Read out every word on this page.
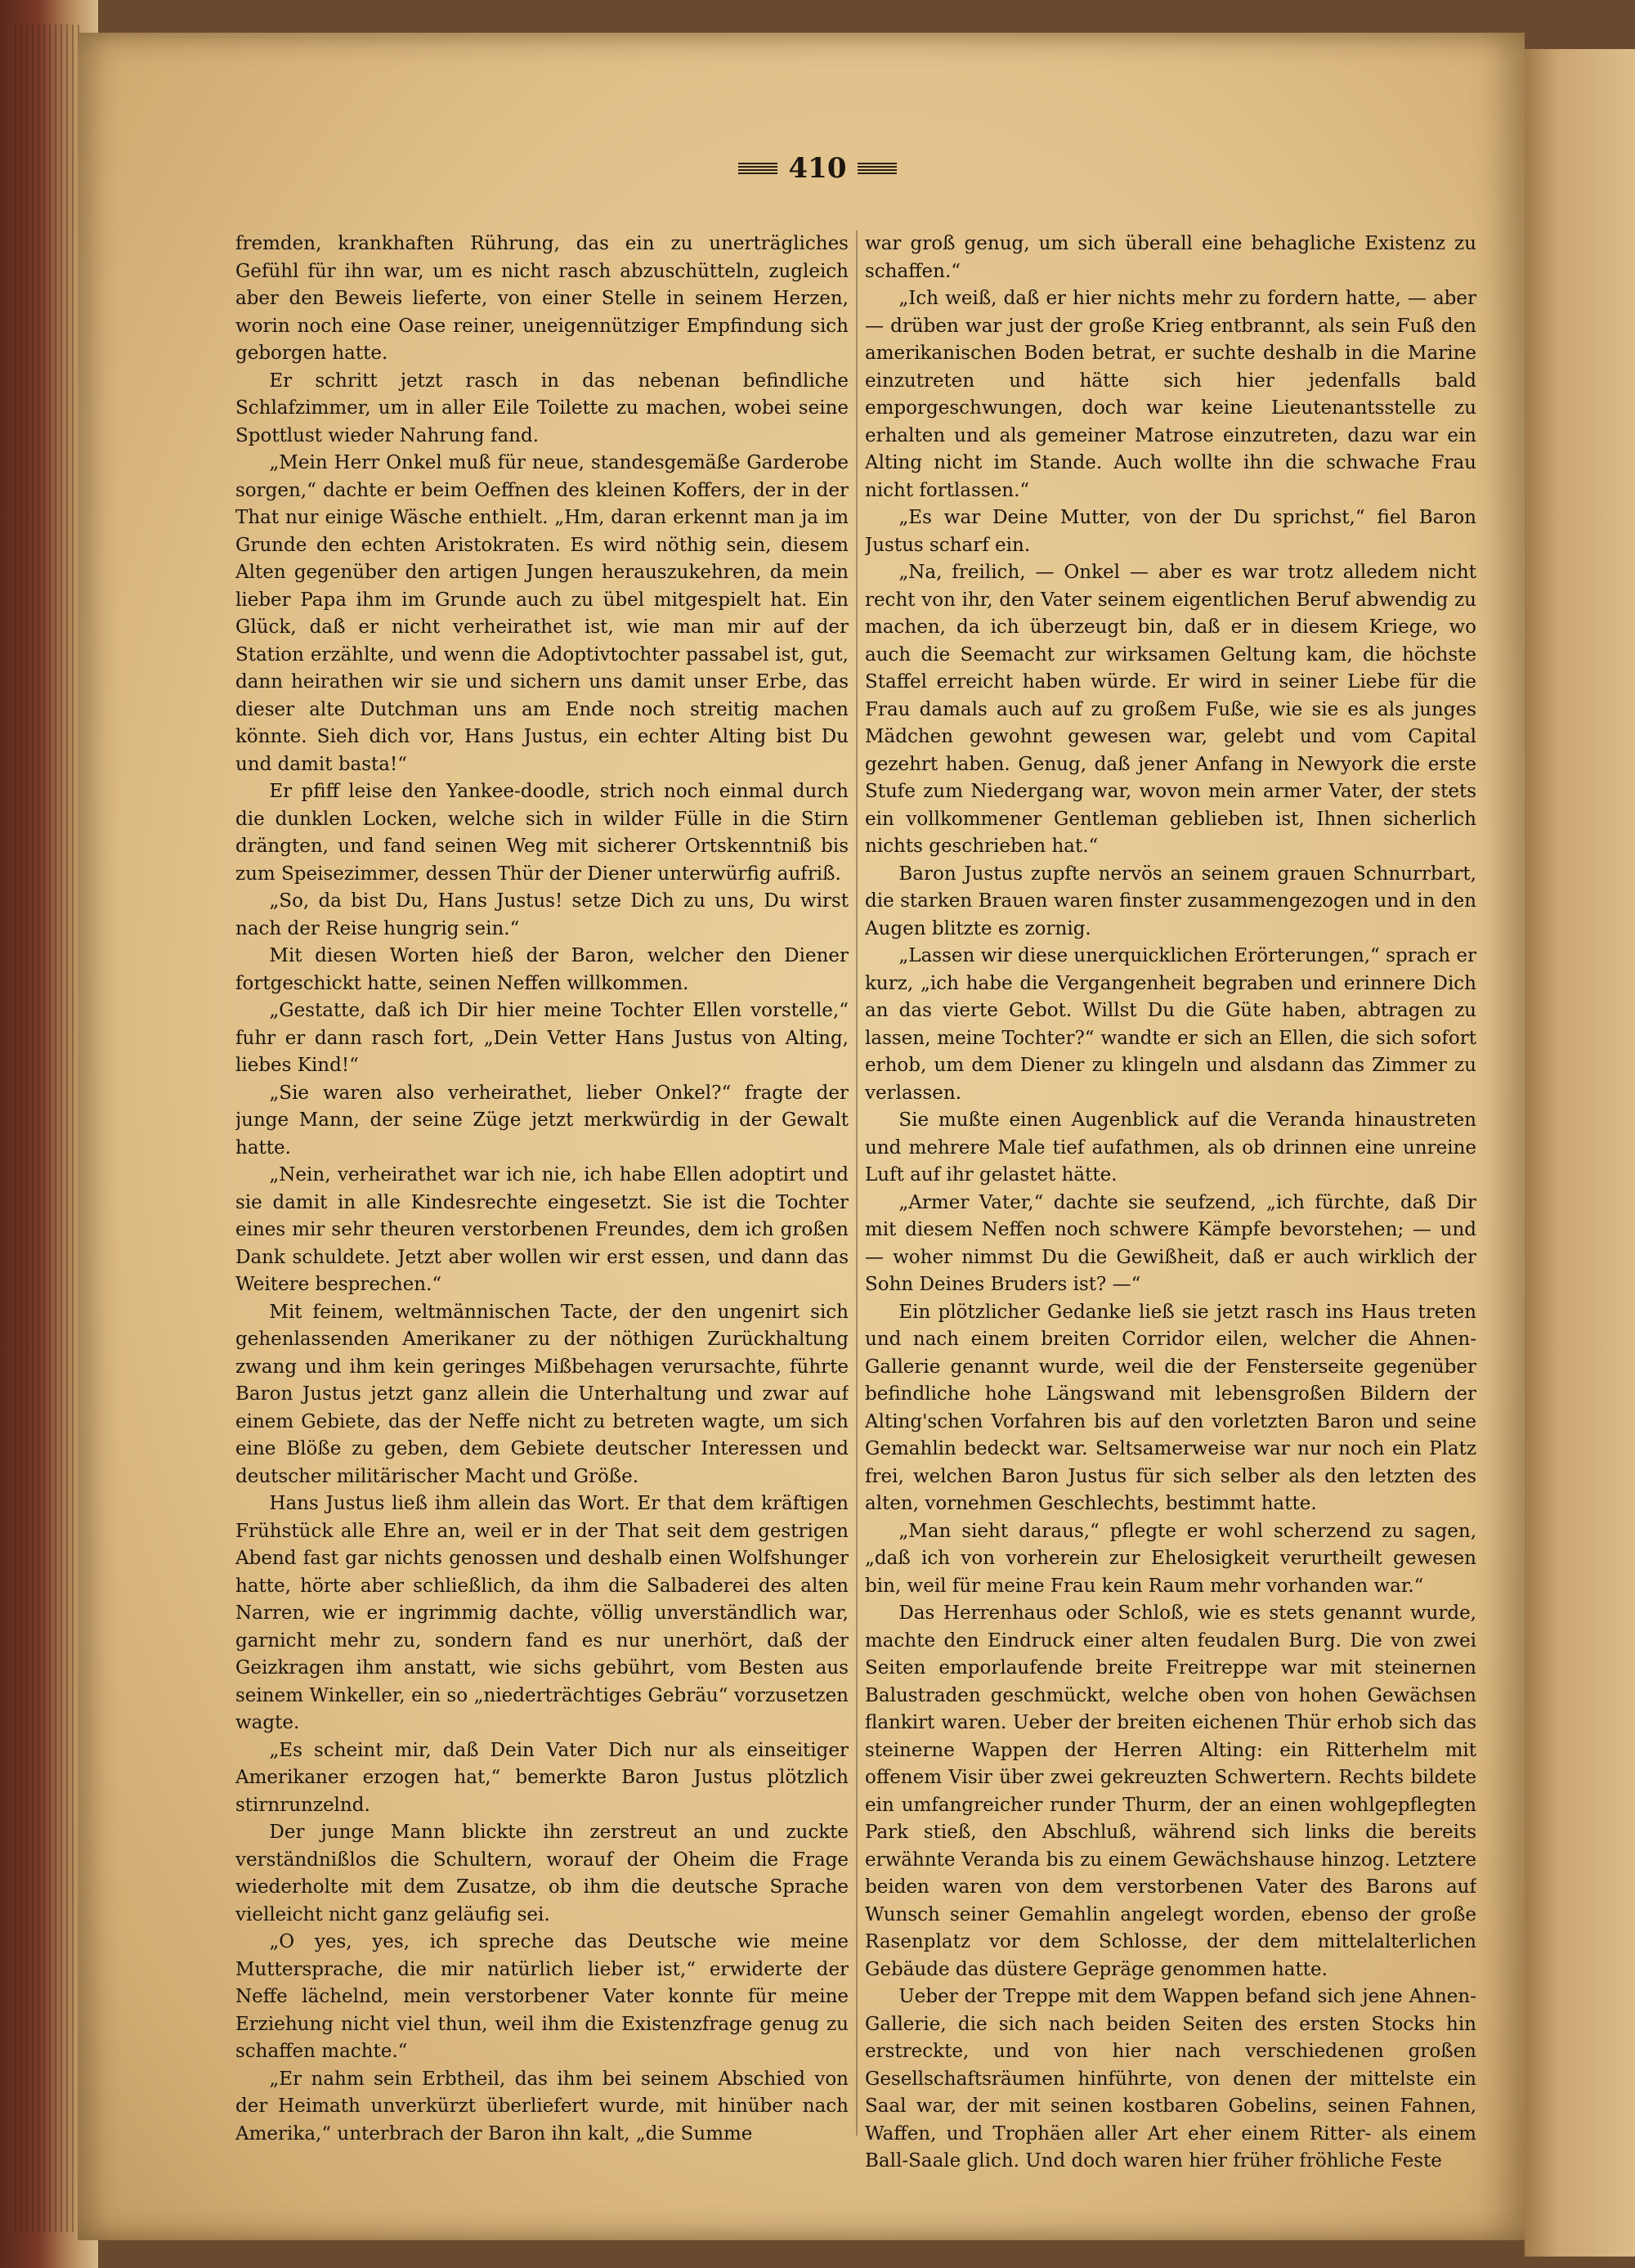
410

fremden, krankhaften Rührung, das ein zu unerträgliches Gefühl für ihn war, um es nicht rasch abzuschütteln, zugleich aber den Beweis lieferte, von einer Stelle in seinem Herzen, worin noch eine Oase reiner, uneigennütziger Empfindung sich geborgen hatte.

Er schritt jetzt rasch in das nebenan befindliche Schlafzimmer, um in aller Eile Toilette zu machen, wobei seine Spottlust wieder Nahrung fand.

„Mein Herr Onkel muß für neue, standesgemäße Garderobe sorgen,“ dachte er beim Oeffnen des kleinen Koffers, der in der That nur einige Wäsche enthielt. „Hm, daran erkennt man ja im Grunde den echten Aristokraten. Es wird nöthig sein, diesem Alten gegenüber den artigen Jungen herauszukehren, da mein lieber Papa ihm im Grunde auch zu übel mitgespielt hat. Ein Glück, daß er nicht verheirathet ist, wie man mir auf der Station erzählte, und wenn die Adoptivtochter passabel ist, gut, dann heirathen wir sie und sichern uns damit unser Erbe, das dieser alte Dutchman uns am Ende noch streitig machen könnte. Sieh dich vor, Hans Justus, ein echter Alting bist Du und damit basta!“

Er pfiff leise den Yankee-doodle, strich noch einmal durch die dunklen Locken, welche sich in wilder Fülle in die Stirn drängten, und fand seinen Weg mit sicherer Ortskenntniß bis zum Speisezimmer, dessen Thür der Diener unterwürfig aufriß.

„So, da bist Du, Hans Justus! setze Dich zu uns, Du wirst nach der Reise hungrig sein.“

Mit diesen Worten hieß der Baron, welcher den Diener fortgeschickt hatte, seinen Neffen willkommen.

„Gestatte, daß ich Dir hier meine Tochter Ellen vorstelle,“ fuhr er dann rasch fort, „Dein Vetter Hans Justus von Alting, liebes Kind!“

„Sie waren also verheirathet, lieber Onkel?“ fragte der junge Mann, der seine Züge jetzt merkwürdig in der Gewalt hatte.

„Nein, verheirathet war ich nie, ich habe Ellen adoptirt und sie damit in alle Kindesrechte eingesetzt. Sie ist die Tochter eines mir sehr theuren verstorbenen Freundes, dem ich großen Dank schuldete. Jetzt aber wollen wir erst essen, und dann das Weitere besprechen.“

Mit feinem, weltmännischen Tacte, der den ungenirt sich gehenlassenden Amerikaner zu der nöthigen Zurückhaltung zwang und ihm kein geringes Mißbehagen verursachte, führte Baron Justus jetzt ganz allein die Unterhaltung und zwar auf einem Gebiete, das der Neffe nicht zu betreten wagte, um sich eine Blöße zu geben, dem Gebiete deutscher Interessen und deutscher militärischer Macht und Größe.

Hans Justus ließ ihm allein das Wort. Er that dem kräftigen Frühstück alle Ehre an, weil er in der That seit dem gestrigen Abend fast gar nichts genossen und deshalb einen Wolfshunger hatte, hörte aber schließlich, da ihm die Salbaderei des alten Narren, wie er ingrimmig dachte, völlig unverständlich war, garnicht mehr zu, sondern fand es nur unerhört, daß der Geizkragen ihm anstatt, wie sichs gebührt, vom Besten aus seinem Winkeller, ein so „niederträchtiges Gebräu“ vorzusetzen wagte.

„Es scheint mir, daß Dein Vater Dich nur als einseitiger Amerikaner erzogen hat,“ bemerkte Baron Justus plötzlich stirnrunzelnd.

Der junge Mann blickte ihn zerstreut an und zuckte verständnißlos die Schultern, worauf der Oheim die Frage wiederholte mit dem Zusatze, ob ihm die deutsche Sprache vielleicht nicht ganz geläufig sei.

„O yes, yes, ich spreche das Deutsche wie meine Muttersprache, die mir natürlich lieber ist,“ erwiderte der Neffe lächelnd, mein verstorbener Vater konnte für meine Erziehung nicht viel thun, weil ihm die Existenzfrage genug zu schaffen machte.“

„Er nahm sein Erbtheil, das ihm bei seinem Abschied von der Heimath unverkürzt überliefert wurde, mit hinüber nach Amerika,“ unterbrach der Baron ihn kalt, „die Summe

war groß genug, um sich überall eine behagliche Existenz zu schaffen.“

„Ich weiß, daß er hier nichts mehr zu fordern hatte, — aber — drüben war just der große Krieg entbrannt, als sein Fuß den amerikanischen Boden betrat, er suchte deshalb in die Marine einzutreten und hätte sich hier jedenfalls bald emporgeschwungen, doch war keine Lieutenantsstelle zu erhalten und als gemeiner Matrose einzutreten, dazu war ein Alting nicht im Stande. Auch wollte ihn die schwache Frau nicht fortlassen.“

„Es war Deine Mutter, von der Du sprichst,“ fiel Baron Justus scharf ein.

„Na, freilich, — Onkel — aber es war trotz alledem nicht recht von ihr, den Vater seinem eigentlichen Beruf abwendig zu machen, da ich überzeugt bin, daß er in diesem Kriege, wo auch die Seemacht zur wirksamen Geltung kam, die höchste Staffel erreicht haben würde. Er wird in seiner Liebe für die Frau damals auch auf zu großem Fuße, wie sie es als junges Mädchen gewohnt gewesen war, gelebt und vom Capital gezehrt haben. Genug, daß jener Anfang in Newyork die erste Stufe zum Niedergang war, wovon mein armer Vater, der stets ein vollkommener Gentleman geblieben ist, Ihnen sicherlich nichts geschrieben hat.“

Baron Justus zupfte nervös an seinem grauen Schnurrbart, die starken Brauen waren finster zusammengezogen und in den Augen blitzte es zornig.

„Lassen wir diese unerquicklichen Erörterungen,“ sprach er kurz, „ich habe die Vergangenheit begraben und erinnere Dich an das vierte Gebot. Willst Du die Güte haben, abtragen zu lassen, meine Tochter?“ wandte er sich an Ellen, die sich sofort erhob, um dem Diener zu klingeln und alsdann das Zimmer zu verlassen.

Sie mußte einen Augenblick auf die Veranda hinaustreten und mehrere Male tief aufathmen, als ob drinnen eine unreine Luft auf ihr gelastet hätte.

„Armer Vater,“ dachte sie seufzend, „ich fürchte, daß Dir mit diesem Neffen noch schwere Kämpfe bevorstehen; — und — woher nimmst Du die Gewißheit, daß er auch wirklich der Sohn Deines Bruders ist? —“

Ein plötzlicher Gedanke ließ sie jetzt rasch ins Haus treten und nach einem breiten Corridor eilen, welcher die Ahnen-Gallerie genannt wurde, weil die der Fensterseite gegenüber befindliche hohe Längswand mit lebensgroßen Bildern der Alting'schen Vorfahren bis auf den vorletzten Baron und seine Gemahlin bedeckt war. Seltsamerweise war nur noch ein Platz frei, welchen Baron Justus für sich selber als den letzten des alten, vornehmen Geschlechts, bestimmt hatte.

„Man sieht daraus,“ pflegte er wohl scherzend zu sagen, „daß ich von vorherein zur Ehelosigkeit verurtheilt gewesen bin, weil für meine Frau kein Raum mehr vorhanden war.“

Das Herrenhaus oder Schloß, wie es stets genannt wurde, machte den Eindruck einer alten feudalen Burg. Die von zwei Seiten emporlaufende breite Freitreppe war mit steinernen Balustraden geschmückt, welche oben von hohen Gewächsen flankirt waren. Ueber der breiten eichenen Thür erhob sich das steinerne Wappen der Herren Alting: ein Ritterhelm mit offenem Visir über zwei gekreuzten Schwertern. Rechts bildete ein umfangreicher runder Thurm, der an einen wohlgepflegten Park stieß, den Abschluß, während sich links die bereits erwähnte Veranda bis zu einem Gewächshause hinzog. Letztere beiden waren von dem verstorbenen Vater des Barons auf Wunsch seiner Gemahlin angelegt worden, ebenso der große Rasenplatz vor dem Schlosse, der dem mittelalterlichen Gebäude das düstere Gepräge genommen hatte.

Ueber der Treppe mit dem Wappen befand sich jene Ahnen-Gallerie, die sich nach beiden Seiten des ersten Stocks hin erstreckte, und von hier nach verschiedenen großen Gesellschaftsräumen hinführte, von denen der mittelste ein Saal war, der mit seinen kostbaren Gobelins, seinen Fahnen, Waffen, und Trophäen aller Art eher einem Ritter- als einem Ball-Saale glich. Und doch waren hier früher fröhliche Feste
